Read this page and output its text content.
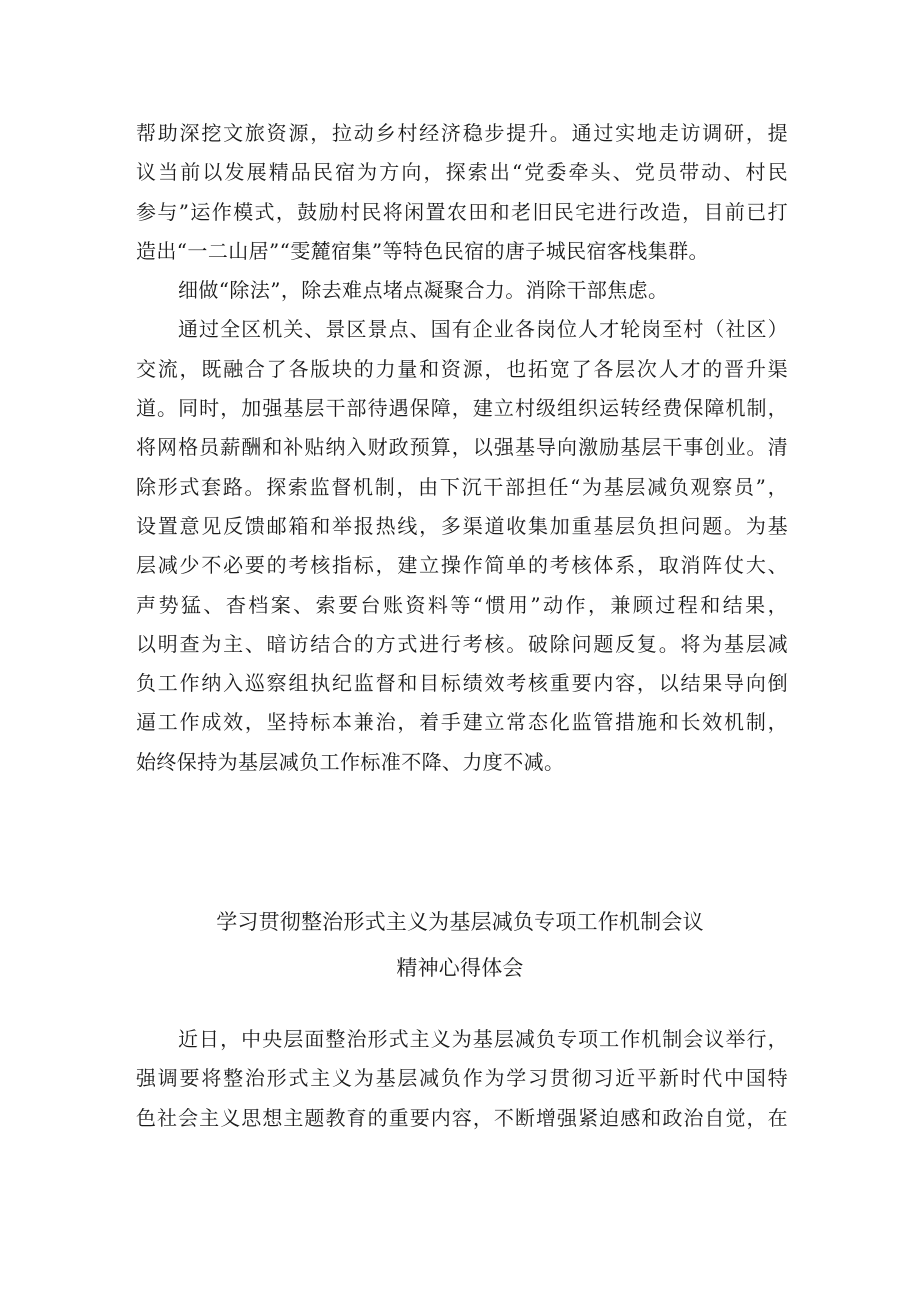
帮助深挖文旅资源，拉动乡村经济稳步提升。通过实地走访调研，提
议当前以发展精品民宿为方向，探索出“党委牵头、党员带动、村民
参与”运作模式，鼓励村民将闲置农田和老旧民宅进行改造，目前已打
造出“一二山居”“雯麓宿集”等特色民宿的唐子城民宿客栈集群。
细做“除法”，除去难点堵点凝聚合力。消除干部焦虑。
通过全区机关、景区景点、国有企业各岗位人才轮岗至村（社区）
交流，既融合了各版块的力量和资源，也拓宽了各层次人才的晋升渠
道。同时，加强基层干部待遇保障，建立村级组织运转经费保障机制，
将网格员薪酬和补贴纳入财政预算，以强基导向激励基层干事创业。清
除形式套路。探索监督机制，由下沉干部担任“为基层减负观察员”，
设置意见反馈邮箱和举报热线，多渠道收集加重基层负担问题。为基
层减少不必要的考核指标，建立操作简单的考核体系，取消阵仗大、
声势猛、杳档案、索要台账资料等“惯用”动作，兼顾过程和结果，
以明查为主、暗访结合的方式进行考核。破除问题反复。将为基层减
负工作纳入巡察组执纪监督和目标绩效考核重要内容，以结果导向倒
逼工作成效，坚持标本兼治，着手建立常态化监管措施和长效机制，
始终保持为基层减负工作标准不降、力度不减。
学习贯彻整治形式主义为基层减负专项工作机制会议
精神心得体会
近日，中央层面整治形式主义为基层减负专项工作机制会议举行，
强调要将整治形式主义为基层减负作为学习贯彻习近平新时代中国特
色社会主义思想主题教育的重要内容，不断增强紧迫感和政治自觉，在
